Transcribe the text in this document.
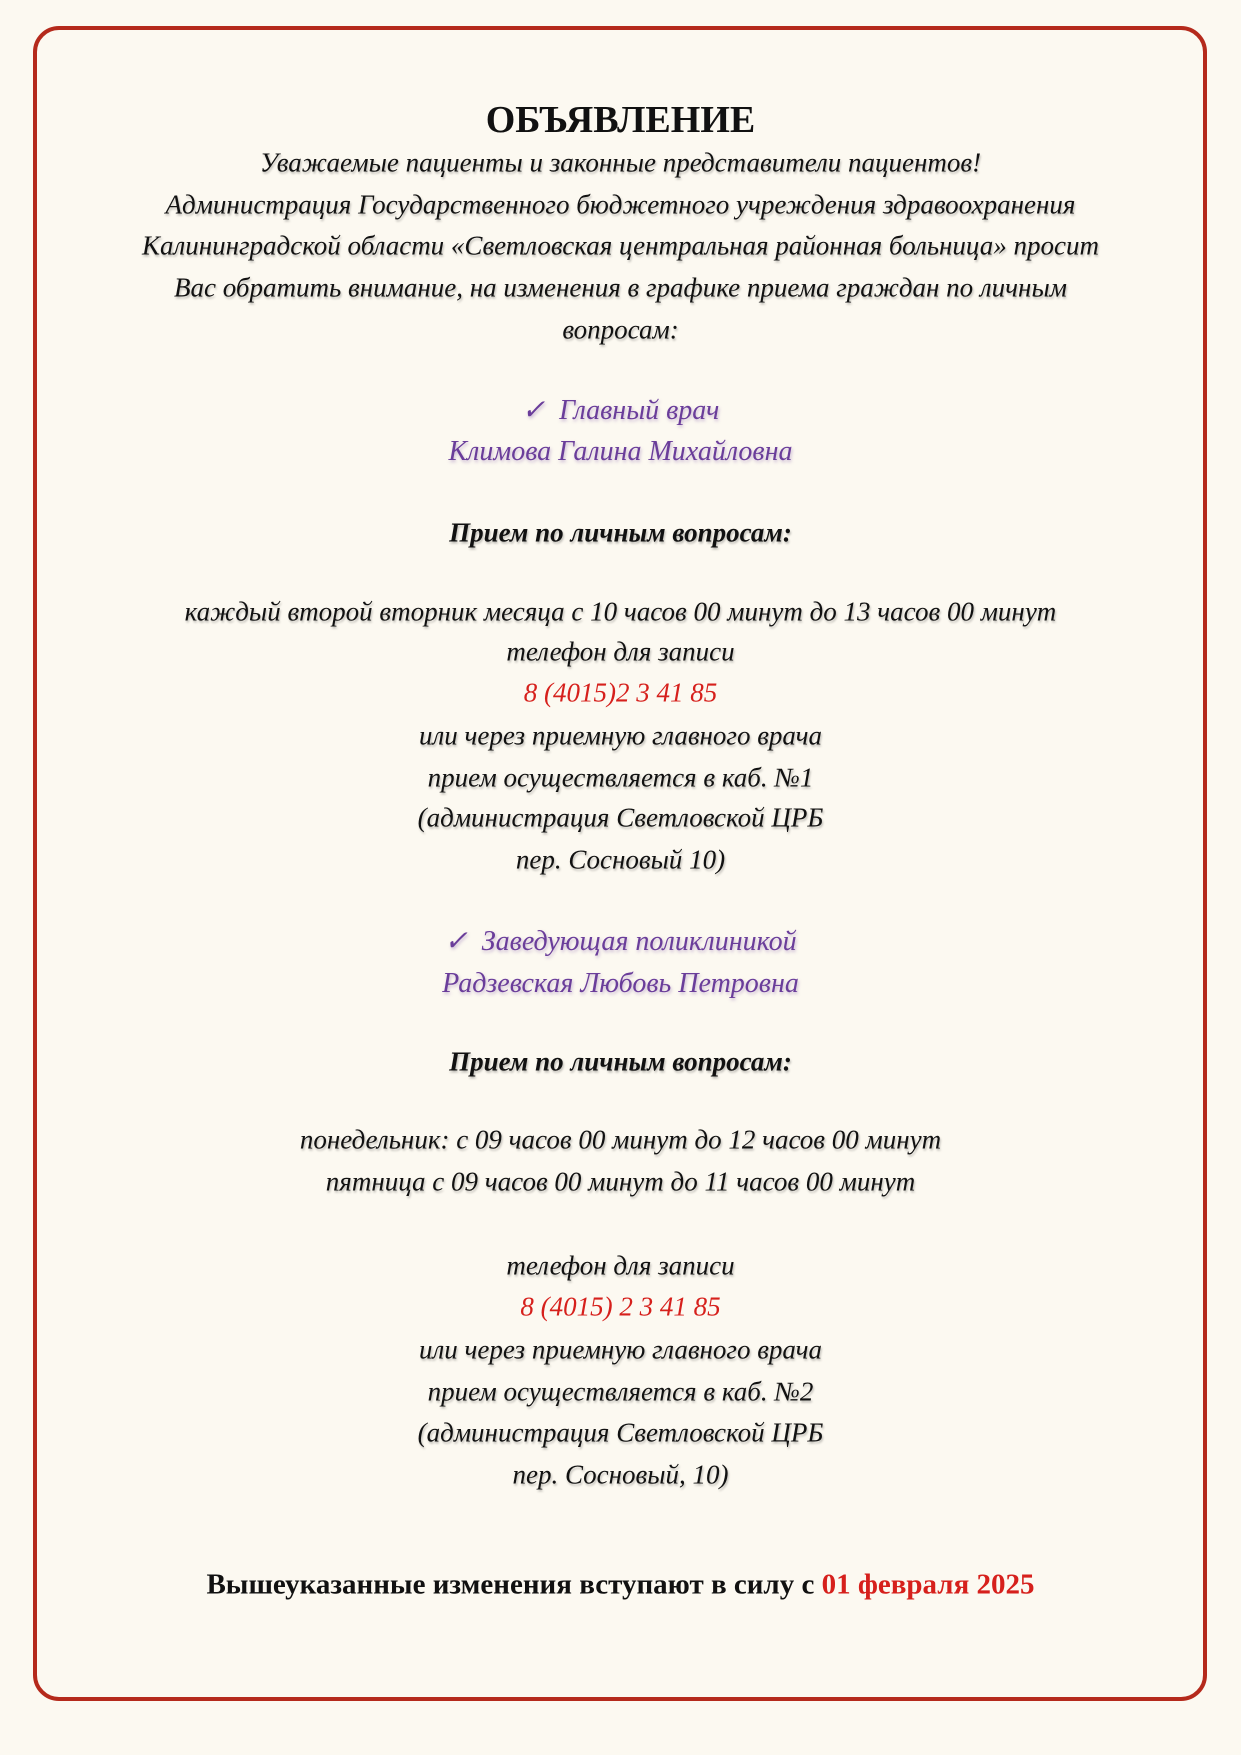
ОБЪЯВЛЕНИЕ
Уважаемые пациенты и законные представители пациентов!
Администрация Государственного бюджетного учреждения здравоохранения
Калининградской области «Светловская центральная районная больница» просит
Вас обратить внимание, на изменения в графике приема граждан по личным
вопросам:
✓ Главный врач
Климова Галина Михайловна
Прием по личным вопросам:
каждый второй вторник месяца с 10 часов 00 минут до 13 часов 00 минут
телефон для записи
8 (4015)2 3 41 85
или через приемную главного врача
прием осуществляется в каб. №1
(администрация Светловской ЦРБ
пер. Сосновый 10)
✓ Заведующая поликлиникой
Радзевская Любовь Петровна
Прием по личным вопросам:
понедельник: с 09 часов 00 минут до 12 часов 00 минут
пятница с 09 часов 00 минут до 11 часов 00 минут
телефон для записи
8 (4015) 2 3 41 85
или через приемную главного врача
прием осуществляется в каб. №2
(администрация Светловской ЦРБ
пер. Сосновый, 10)
Вышеуказанные изменения вступают в силу с 01 февраля 2025
